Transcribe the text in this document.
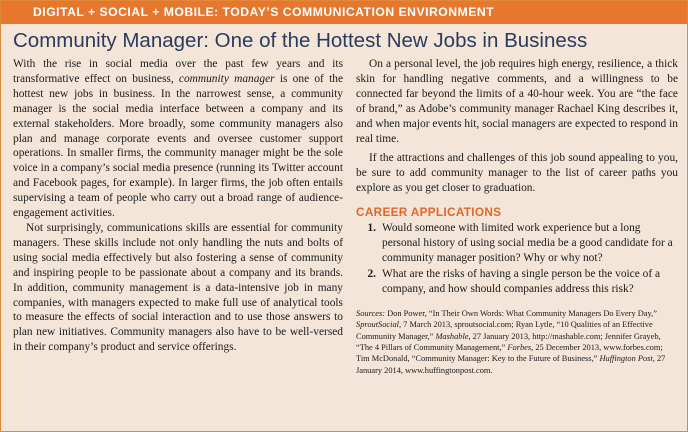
DIGITAL + SOCIAL + MOBILE: TODAY’S COMMUNICATION ENVIRONMENT
Community Manager: One of the Hottest New Jobs in Business

With the rise in social media over the past few years and its transformative effect on business, community manager is one of the hottest new jobs in business. In the narrowest sense, a community manager is the social media interface between a company and its external stakeholders. More broadly, some community managers also plan and manage corporate events and oversee customer support operations. In smaller firms, the community manager might be the sole voice in a company’s social media presence (running its Twitter account and Facebook pages, for example). In larger firms, the job often entails supervising a team of people who carry out a broad range of audience-engagement activities.

Not surprisingly, communications skills are essential for community managers. These skills include not only handling the nuts and bolts of using social media effectively but also fostering a sense of community and inspiring people to be passionate about a company and its brands. In addition, community management is a data-intensive job in many companies, with managers expected to make full use of analytical tools to measure the effects of social interaction and to use those answers to plan new initiatives. Community managers also have to be well-versed in their company’s product and service offerings.

On a personal level, the job requires high energy, resilience, a thick skin for handling negative comments, and a willingness to be connected far beyond the limits of a 40-hour week. You are “the face of brand,” as Adobe’s community manager Rachael King describes it, and when major events hit, social managers are expected to respond in real time.

If the attractions and challenges of this job sound appealing to you, be sure to add community manager to the list of career paths you explore as you get closer to graduation.

CAREER APPLICATIONS
1. Would someone with limited work experience but a long personal history of using social media be a good candidate for a community manager position? Why or why not?
2. What are the risks of having a single person be the voice of a company, and how should companies address this risk?
Sources: Don Power, “In Their Own Words: What Community Managers Do Every Day,” SproutSocial, 7 March 2013, sproutsocial.com; Ryan Lytle, “10 Qualities of an Effective Community Manager,” Mashable, 27 January 2013, http://mashable.com; Jennifer Grayeb, “The 4 Pillars of Community Management,” Forbes, 25 December 2013, www.forbes.com; Tim McDonald, “Community Manager: Key to the Future of Business,” Huffington Post, 27 January 2014, www.huffingtonpost.com.
